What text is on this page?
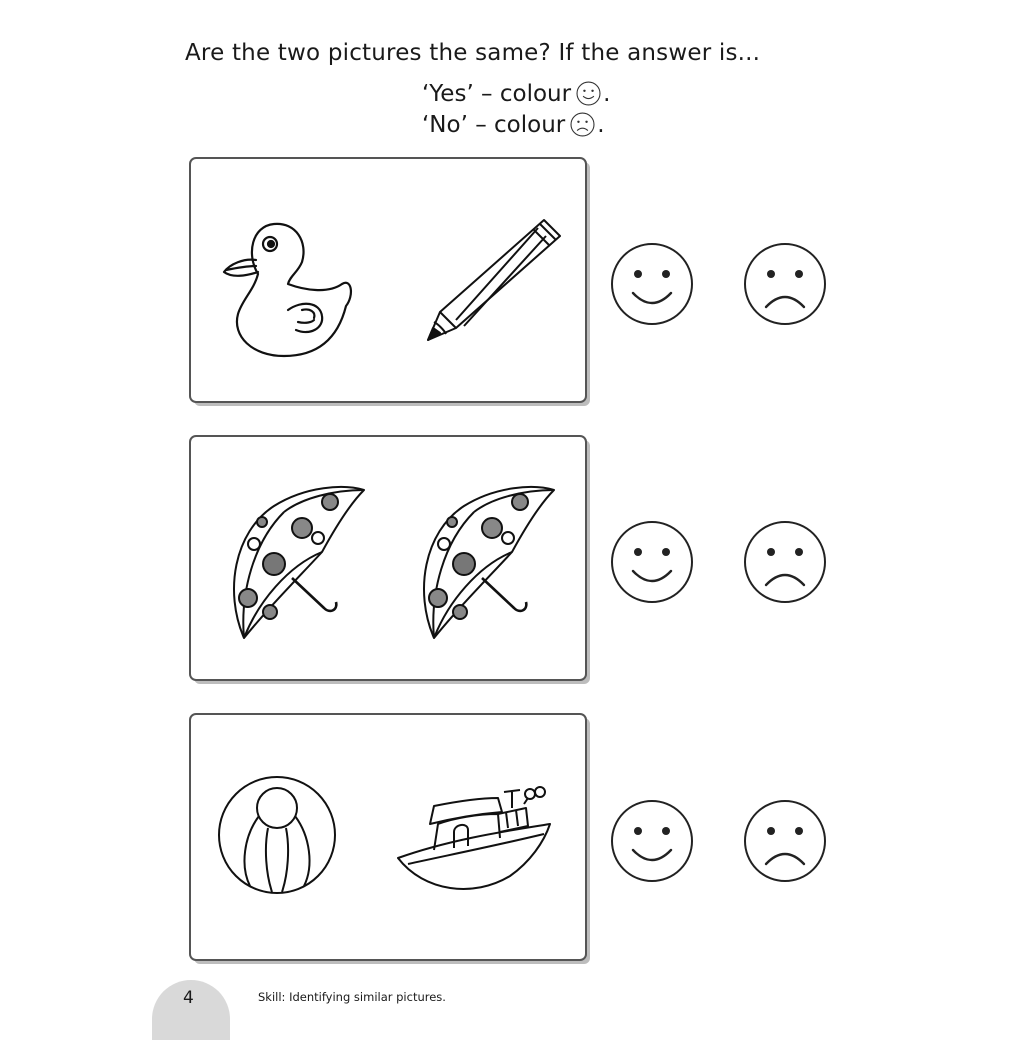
Are the two pictures the same? If the answer is...
‘Yes’ – colour .
‘No’ – colour .
4	Skill: Identifying similar pictures.
